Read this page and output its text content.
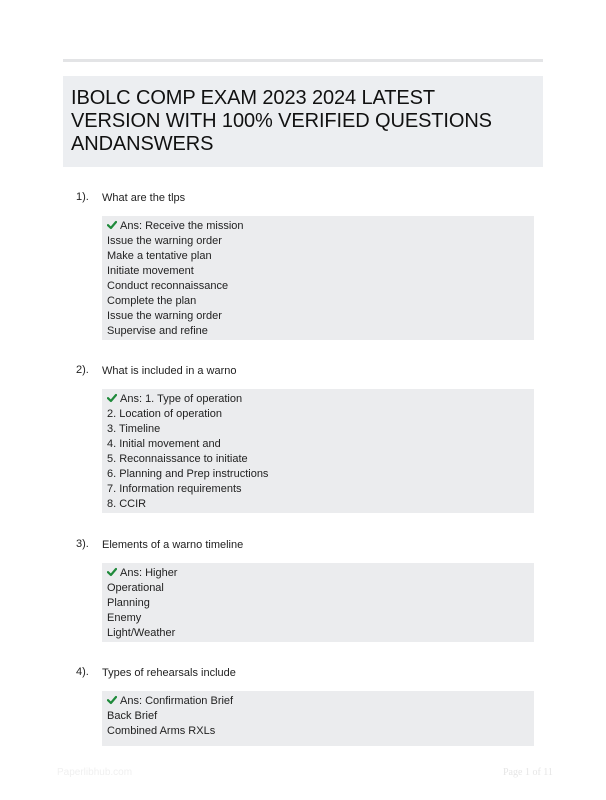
IBOLC COMP EXAM 2023 2024 LATEST
VERSION WITH 100% VERIFIED QUESTIONS
ANDANSWERS
1). What are the tlps
Ans: Receive the mission
Issue the warning order
Make a tentative plan
Initiate movement
Conduct reconnaissance
Complete the plan
Issue the warning order
Supervise and refine
2). What is included in a warno
Ans: 1. Type of operation
2. Location of operation
3. Timeline
4. Initial movement and
5. Reconnaissance to initiate
6. Planning and Prep instructions
7. Information requirements
8. CCIR
3). Elements of a warno timeline
Ans: Higher
Operational
Planning
Enemy
Light/Weather
4). Types of rehearsals include
Ans: Confirmation Brief
Back Brief
Combined Arms RXLs
Paperlibhub.com	Page 1 of 11
